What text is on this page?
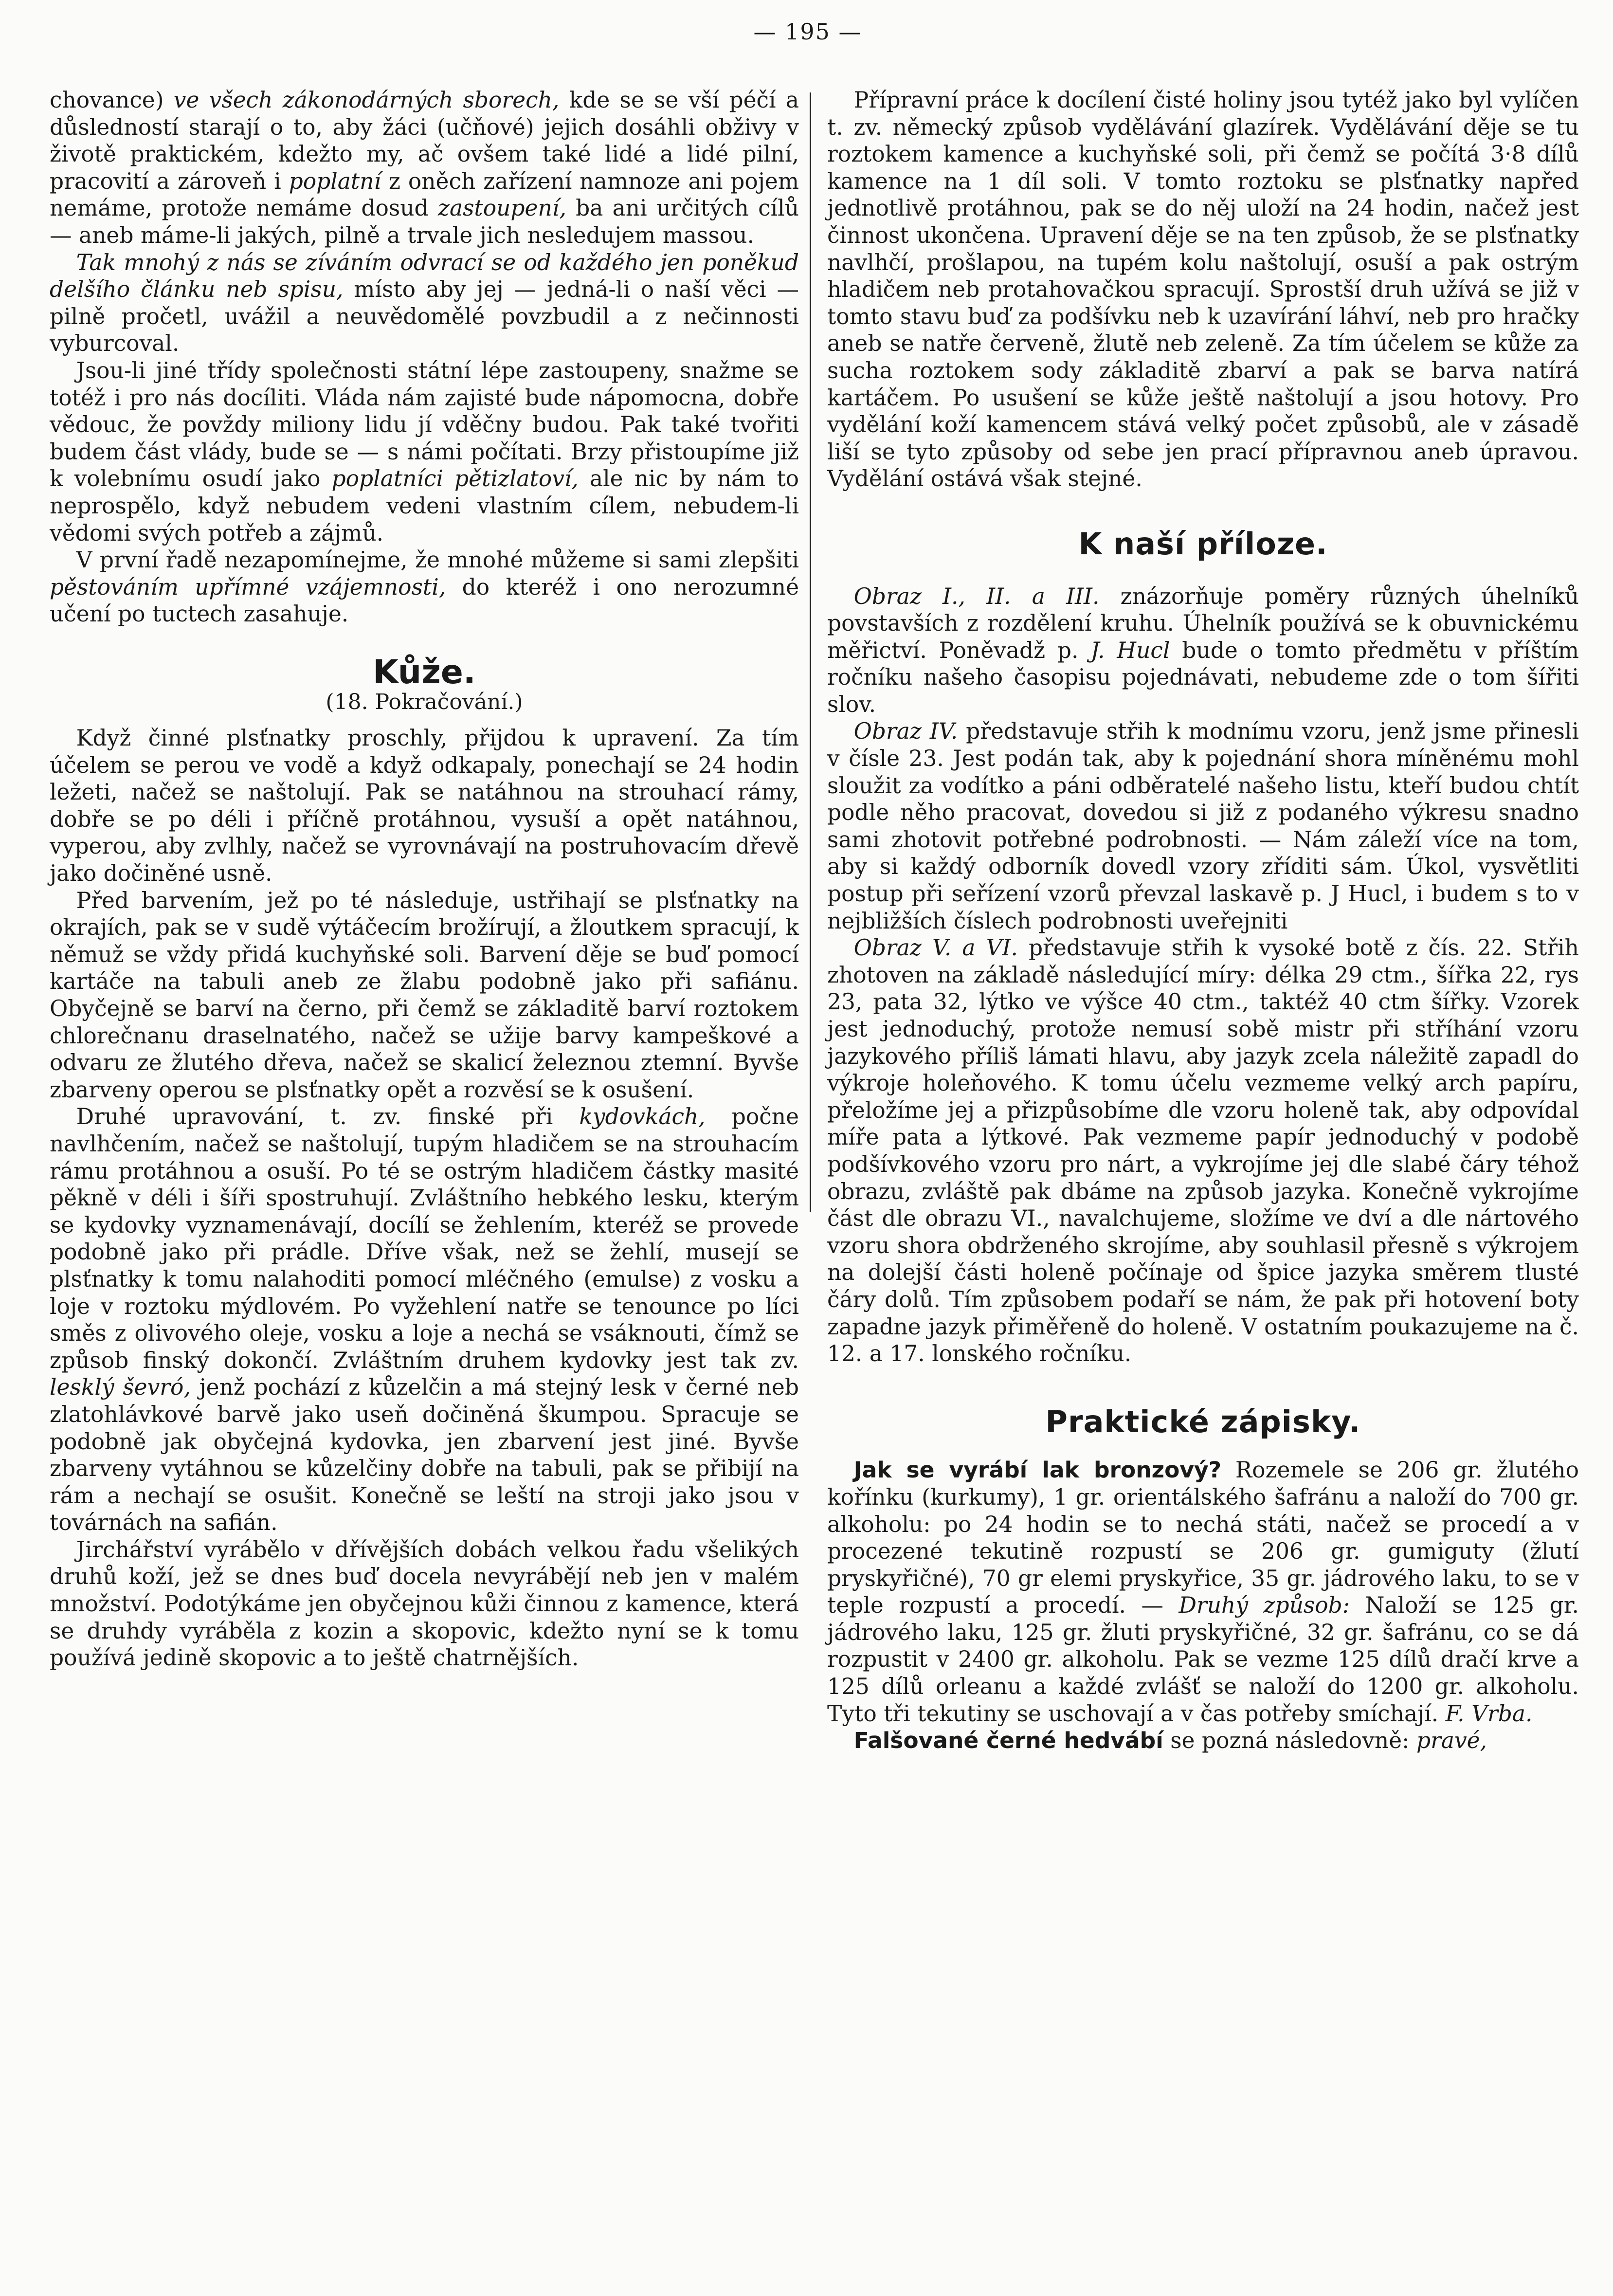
— 195 —

chovance) ve všech zákonodárných sborech, kde se se vší péčí a důsledností starají o to, aby žáci (učňové) jejich dosáhli obživy v životě praktickém, kdežto my, ač ovšem také lidé a lidé pilní, pracovití a zároveň i poplatní z oněch zařízení namnoze ani pojem nemáme, protože nemáme dosud zastoupení, ba ani určitých cílů — aneb máme-li jakých, pilně a trvale jich nesledujem massou.

Tak mnohý z nás se zíváním odvrací se od každého jen poněkud delšího článku neb spisu, místo aby jej — jedná-li o naší věci — pilně pročetl, uvážil a neuvědomělé povzbudil a z nečinnosti vyburcoval.

Jsou-li jiné třídy společnosti státní lépe zastoupeny, snažme se totéž i pro nás docíliti. Vláda nám zajisté bude nápomocna, dobře vědouc, že povždy miliony lidu jí vděčny budou. Pak také tvořiti budem část vlády, bude se — s námi počítati. Brzy přistoupíme již k volebnímu osudí jako poplatníci pětizlatoví, ale nic by nám to neprospělo, když nebudem vedeni vlastním cílem, nebudem-li vědomi svých potřeb a zájmů.

V první řadě nezapomínejme, že mnohé můžeme si sami zlepšiti pěstováním upřímné vzájemnosti, do kteréž i ono nerozumné učení po tuctech zasahuje.

Kůže.
(18. Pokračování.)

Když činné plsťnatky proschly, přijdou k upravení. Za tím účelem se perou ve vodě a když odkapaly, ponechají se 24 hodin ležeti, načež se naštolují. Pak se natáhnou na strouhací rámy, dobře se po déli i příčně protáhnou, vysuší a opět natáhnou, vyperou, aby zvlhly, načež se vyrovnávají na postruhovacím dřevě jako dočiněné usně.

Před barvením, jež po té následuje, ustřihají se plsťnatky na okrajích, pak se v sudě výtáčecím brožírují, a žloutkem spracují, k němuž se vždy přidá kuchyňské soli. Barvení děje se buď pomocí kartáče na tabuli aneb ze žlabu podobně jako při safiánu. Obyčejně se barví na černo, při čemž se základitě barví roztokem chlorečnanu draselnatého, načež se užije barvy kampeškové a odvaru ze žlutého dřeva, načež se skalicí železnou ztemní. Byvše zbarveny operou se plsťnatky opět a rozvěsí se k osušení.

Druhé upravování, t. zv. finské při kydovkách, počne navlhčením, načež se naštolují, tupým hladičem se na strouhacím rámu protáhnou a osuší. Po té se ostrým hladičem částky masité pěkně v déli i šíři spostruhují. Zvláštního hebkého lesku, kterým se kydovky vyznamenávají, docílí se žehlením, kteréž se provede podobně jako při prádle. Dříve však, než se žehlí, musejí se plsťnatky k tomu nalahoditi pomocí mléčného (emulse) z vosku a loje v roztoku mýdlovém. Po vyžehlení natře se tenounce po líci směs z olivového oleje, vosku a loje a nechá se vsáknouti, čímž se způsob finský dokončí. Zvláštním druhem kydovky jest tak zv. lesklý ševró, jenž pochází z kůzelčin a má stejný lesk v černé neb zlatohlávkové barvě jako useň dočiněná škumpou. Spracuje se podobně jak obyčejná kydovka, jen zbarvení jest jiné. Byvše zbarveny vytáhnou se kůzelčiny dobře na tabuli, pak se přibijí na rám a nechají se osušit. Konečně se leští na stroji jako jsou v továrnách na safián.

Jirchářství vyrábělo v dřívějších dobách velkou řadu všelikých druhů koží, jež se dnes buď docela nevyrábějí neb jen v malém množství. Podotýkáme jen obyčejnou kůži činnou z kamence, která se druhdy vyráběla z kozin a skopovic, kdežto nyní se k tomu používá jedině skopovic a to ještě chatrnějších.

Přípravní práce k docílení čisté holiny jsou tytéž jako byl vylíčen t. zv. německý způsob vydělávání glazírek. Vydělávání děje se tu roztokem kamence a kuchyňské soli, při čemž se počítá 3·8 dílů kamence na 1 díl soli. V tomto roztoku se plsťnatky napřed jednotlivě protáhnou, pak se do něj uloží na 24 hodin, načež jest činnost ukončena. Upravení děje se na ten způsob, že se plsťnatky navlhčí, prošlapou, na tupém kolu naštolují, osuší a pak ostrým hladičem neb protahovačkou spracují. Sprostší druh užívá se již v tomto stavu buď za podšívku neb k uzavírání láhví, neb pro hračky aneb se natře červeně, žlutě neb zeleně. Za tím účelem se kůže za sucha roztokem sody základitě zbarví a pak se barva natírá kartáčem. Po usušení se kůže ještě naštolují a jsou hotovy. Pro vydělání koží kamencem stává velký počet způsobů, ale v zásadě liší se tyto způsoby od sebe jen prací přípravnou aneb úpravou. Vydělání ostává však stejné.

K naší příloze.

Obraz I., II. a III. znázorňuje poměry různých úhelníků povstavších z rozdělení kruhu. Úhelník používá se k obuvnickému měřictví. Poněvadž p. J. Hucl bude o tomto předmětu v příštím ročníku našeho časopisu pojednávati, nebudeme zde o tom šířiti slov.

Obraz IV. představuje střih k modnímu vzoru, jenž jsme přinesli v čísle 23. Jest podán tak, aby k pojednání shora míněnému mohl sloužit za vodítko a páni odběratelé našeho listu, kteří budou chtít podle něho pracovat, dovedou si již z podaného výkresu snadno sami zhotovit potřebné podrobnosti. — Nám záleží více na tom, aby si každý odborník dovedl vzory zříditi sám. Úkol, vysvětliti postup při seřízení vzorů převzal laskavě p. J Hucl, i budem s to v nejbližších číslech podrobnosti uveřejniti

Obraz V. a VI. představuje střih k vysoké botě z čís. 22. Střih zhotoven na základě následující míry: délka 29 ctm., šířka 22, rys 23, pata 32, lýtko ve výšce 40 ctm., taktéž 40 ctm šířky. Vzorek jest jednoduchý, protože nemusí sobě mistr při stříhání vzoru jazykového příliš lámati hlavu, aby jazyk zcela náležitě zapadl do výkroje holeňového. K tomu účelu vezmeme velký arch papíru, přeložíme jej a přizpůsobíme dle vzoru holeně tak, aby odpovídal míře pata a lýtkové. Pak vezmeme papír jednoduchý v podobě podšívkového vzoru pro nárt, a vykrojíme jej dle slabé čáry téhož obrazu, zvláště pak dbáme na způsob jazyka. Konečně vykrojíme část dle obrazu VI., navalchujeme, složíme ve dví a dle nártového vzoru shora obdrženého skrojíme, aby souhlasil přesně s výkrojem na dolejší části holeně počínaje od špice jazyka směrem tlusté čáry dolů. Tím způsobem podaří se nám, že pak při hotovení boty zapadne jazyk přiměřeně do holeně. V ostatním poukazujeme na č. 12. a 17. lonského ročníku.

Praktické zápisky.

Jak se vyrábí lak bronzový? Rozemele se 206 gr. žlutého kořínku (kurkumy), 1 gr. orientálského šafránu a naloží do 700 gr. alkoholu: po 24 hodin se to nechá státi, načež se procedí a v procezené tekutině rozpustí se 206 gr. gumiguty (žlutí pryskyřičné), 70 gr elemi pryskyřice, 35 gr. jádrového laku, to se v teple rozpustí a procedí. — Druhý způsob: Naloží se 125 gr. jádrového laku, 125 gr. žluti pryskyřičné, 32 gr. šafránu, co se dá rozpustit v 2400 gr. alkoholu. Pak se vezme 125 dílů dračí krve a 125 dílů orleanu a každé zvlášť se naloží do 1200 gr. alkoholu. Tyto tři tekutiny se uschovají a v čas potřeby smíchají. F. Vrba.

Falšované černé hedvábí se pozná následovně: pravé,
